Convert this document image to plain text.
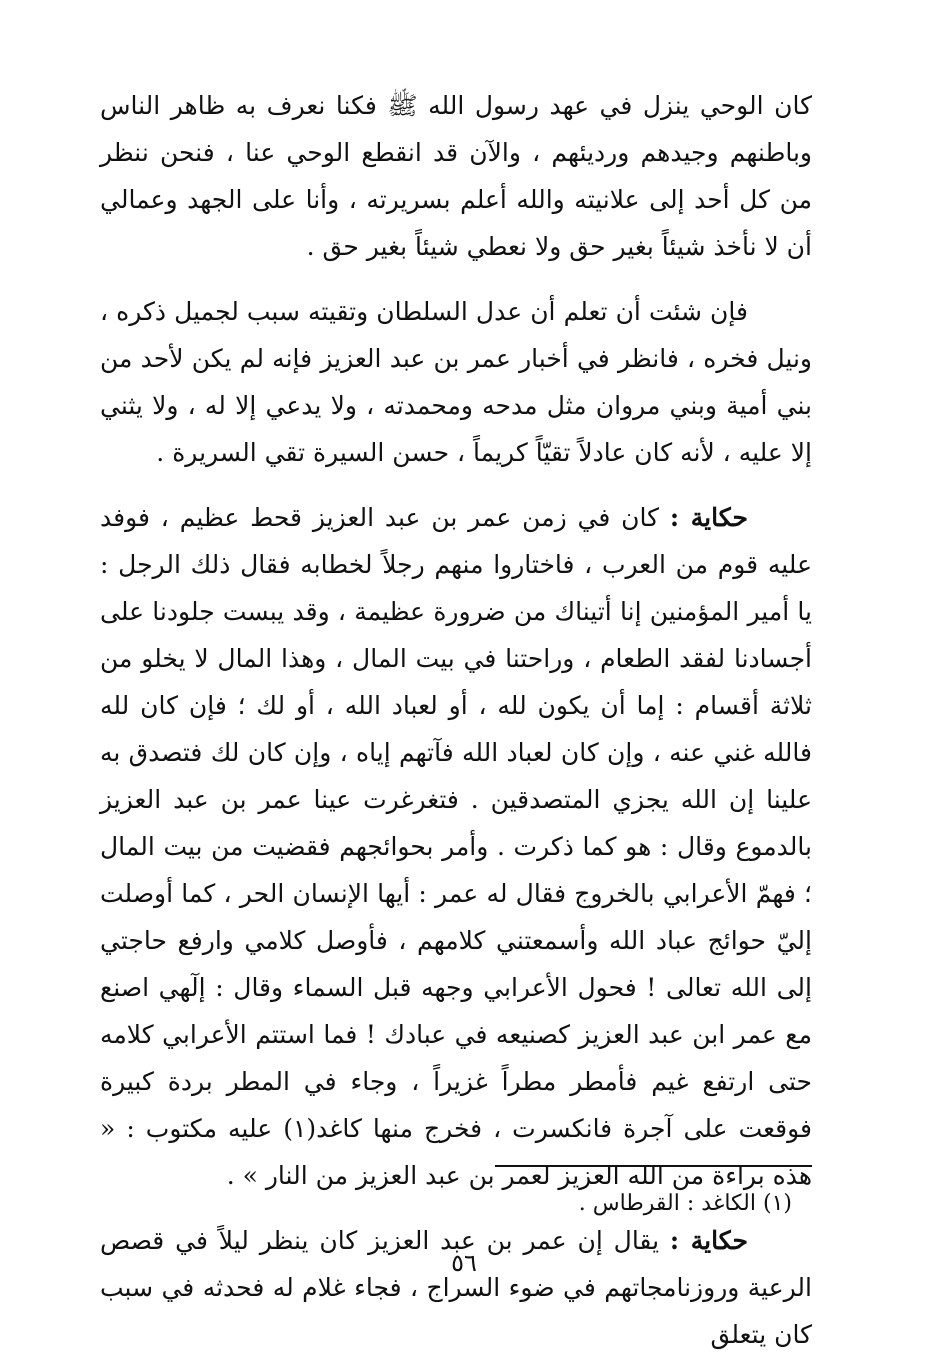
كان الوحي ينزل في عهد رسول الله ﷺ فكنا نعرف به ظاهر الناس وباطنهم وجيدهم ورديئهم ، والآن قد انقطع الوحي عنا ، فنحن ننظر من كل أحد إلى علانيته والله أعلم بسريرته ، وأنا على الجهد وعمالي أن لا نأخذ شيئاً بغير حق ولا نعطي شيئاً بغير حق .

فإن شئت أن تعلم أن عدل السلطان وتقيته سبب لجميل ذكره ، ونيل فخره ، فانظر في أخبار عمر بن عبد العزيز فإنه لم يكن لأحد من بني أمية وبني مروان مثل مدحه ومحمدته ، ولا يدعي إلا له ، ولا يثني إلا عليه ، لأنه كان عادلاً تقيّاً كريماً ، حسن السيرة تقي السريرة .

حكاية : كان في زمن عمر بن عبد العزيز قحط عظيم ، فوفد عليه قوم من العرب ، فاختاروا منهم رجلاً لخطابه فقال ذلك الرجل : يا أمير المؤمنين إنا أتيناك من ضرورة عظيمة ، وقد يبست جلودنا على أجسادنا لفقد الطعام ، وراحتنا في بيت المال ، وهذا المال لا يخلو من ثلاثة أقسام : إما أن يكون لله ، أو لعباد الله ، أو لك ؛ فإن كان لله فالله غني عنه ، وإن كان لعباد الله فآتهم إياه ، وإن كان لك فتصدق به علينا إن الله يجزي المتصدقين . فتغرغرت عينا عمر بن عبد العزيز بالدموع وقال : هو كما ذكرت . وأمر بحوائجهم فقضيت من بيت المال ؛ فهمّ الأعرابي بالخروج فقال له عمر : أيها الإنسان الحر ، كما أوصلت إليّ حوائج عباد الله وأسمعتني كلامهم ، فأوصل كلامي وارفع حاجتي إلى الله تعالى ! فحول الأعرابي وجهه قبل السماء وقال : إلٓهي اصنع مع عمر ابن عبد العزيز كصنيعه في عبادك ! فما استتم الأعرابي كلامه حتى ارتفع غيم فأمطر مطراً غزيراً ، وجاء في المطر بردة كبيرة فوقعت على آجرة فانكسرت ، فخرج منها كاغد(١) عليه مكتوب : « هذه براءة من الله العزيز لعمر بن عبد العزيز من النار » .

حكاية : يقال إن عمر بن عبد العزيز كان ينظر ليلاً في قصص الرعية وروزنامجاتهم في ضوء السراج ، فجاء غلام له فحدثه في سبب كان يتعلق

(١) الكاغد : القرطاس .
٥٦
